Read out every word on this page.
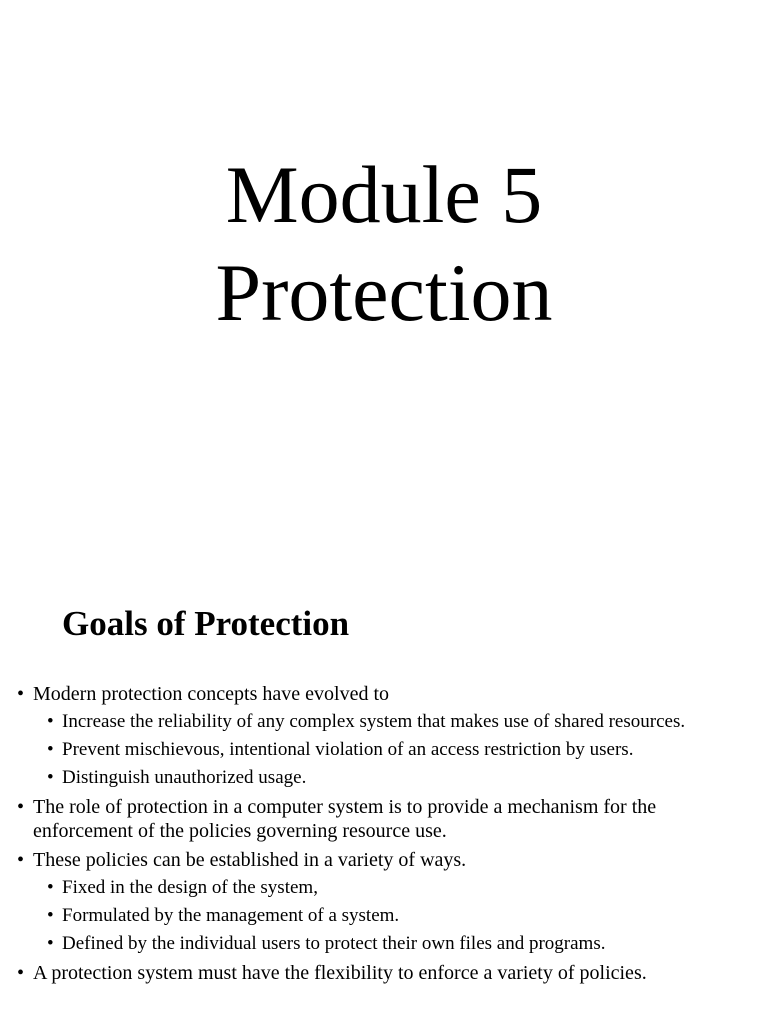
Module 5
Protection
Goals of Protection
• Modern protection concepts have evolved to
• Increase the reliability of any complex system that makes use of shared resources.
• Prevent mischievous, intentional violation of an access restriction by users.
• Distinguish unauthorized usage.
• The role of protection in a computer system is to provide a mechanism for the enforcement of the policies governing resource use.
• These policies can be established in a variety of ways.
• Fixed in the design of the system,
• Formulated by the management of a system.
• Defined by the individual users to protect their own files and programs.
• A protection system must have the flexibility to enforce a variety of policies.
